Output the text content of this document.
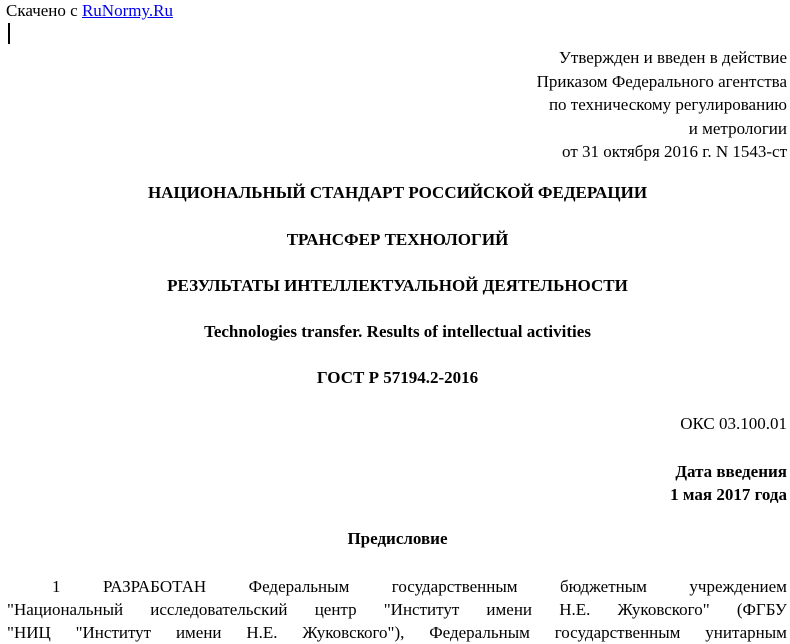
Скачено с RuNormy.Ru
Утвержден и введен в действие
Приказом Федерального агентства
по техническому регулированию
и метрологии
от 31 октября 2016 г. N 1543-ст
НАЦИОНАЛЬНЫЙ СТАНДАРТ РОССИЙСКОЙ ФЕДЕРАЦИИ
ТРАНСФЕР ТЕХНОЛОГИЙ
РЕЗУЛЬТАТЫ ИНТЕЛЛЕКТУАЛЬНОЙ ДЕЯТЕЛЬНОСТИ
Technologies transfer. Results of intellectual activities
ГОСТ Р 57194.2-2016
ОКС 03.100.01
Дата введения
1 мая 2017 года
Предисловие
1 РАЗРАБОТАН Федеральным государственным бюджетным учреждением
"Национальный исследовательский центр "Институт имени Н.Е. Жуковского" (ФГБУ
"НИЦ "Институт имени Н.Е. Жуковского"), Федеральным государственным унитарным
